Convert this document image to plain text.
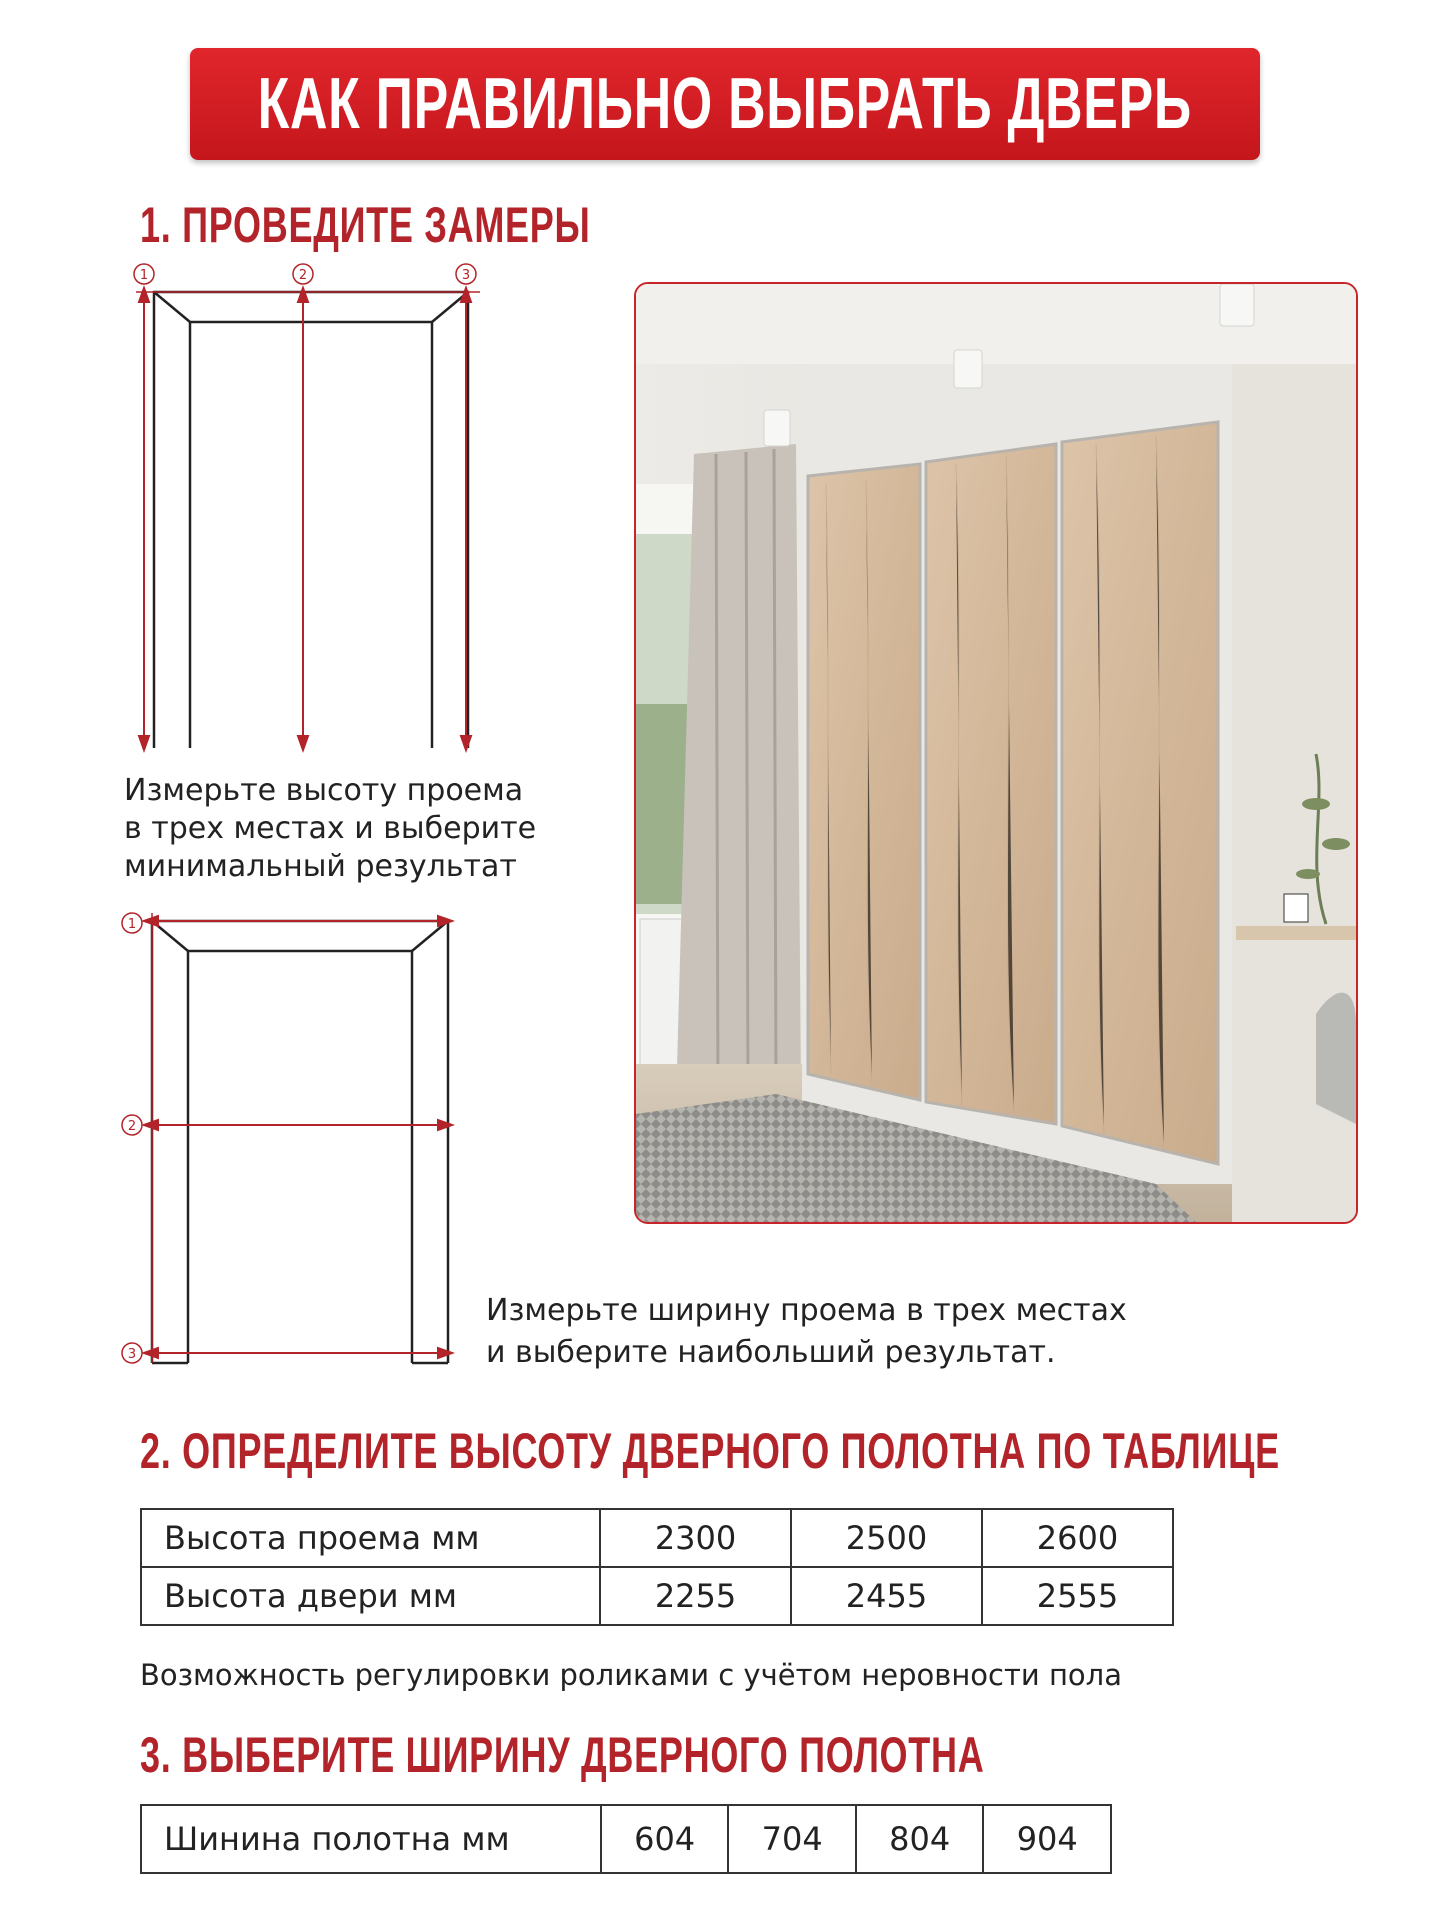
КАК ПРАВИЛЬНО ВЫБРАТЬ ДВЕРЬ
1. ПРОВЕДИТЕ ЗАМЕРЫ
1	2	3

Измерьте высоту проема
в трех местах и выберите
минимальный результат

1
2
3

Измерьте ширину проема в трех местах
и выберите наибольший результат.

2. ОПРЕДЕЛИТЕ ВЫСОТУ ДВЕРНОГО ПОЛОТНА ПО ТАБЛИЦЕ
Высота проема мм	2300	2500	2600
Высота двери мм	2255	2455	2555
Возможность регулировки роликами с учётом неровности пола
3. ВЫБЕРИТЕ ШИРИНУ ДВЕРНОГО ПОЛОТНА
Шинина полотна мм	604	704	804	904
